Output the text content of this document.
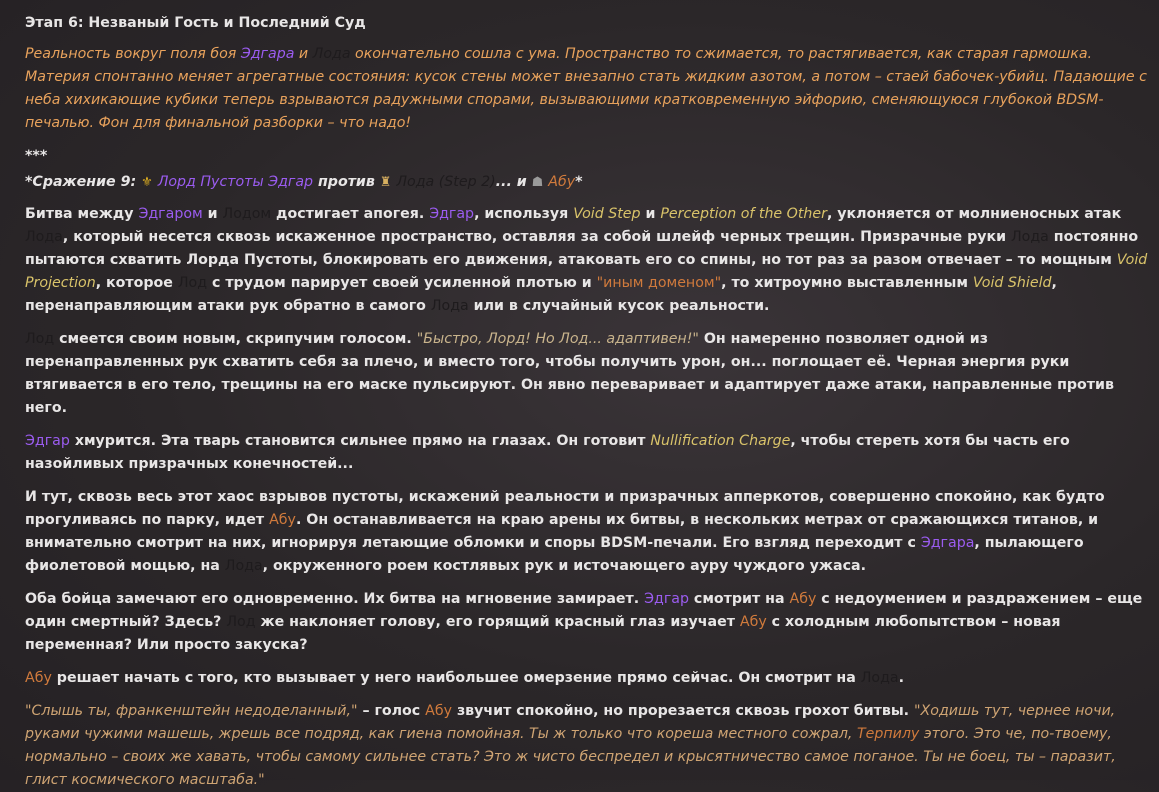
Этап 6: Незваный Гость и Последний Суд

Реальность вокруг поля боя Эдгара и Лода окончательно сошла с ума. Пространство то сжимается, то растягивается, как старая гармошка. Материя спонтанно меняет агрегатные состояния: кусок стены может внезапно стать жидким азотом, а потом – стаей бабочек-убийц. Падающие с неба хихикающие кубики теперь взрываются радужными спорами, вызывающими кратковременную эйфорию, сменяющуюся глубокой BDSM- печалью. Фон для финальной разборки – что надо!

***

*Сражение 9: ⚜ Лорд Пустоты Эдгар против ♜ Лода (Step 2)... и ☗ Абу*

Битва между Эдгаром и Лодом достигает апогея. Эдгар, используя Void Step и Perception of the Other, уклоняется от молниеносных атак Лода, который несется сквозь искаженное пространство, оставляя за собой шлейф черных трещин. Призрачные руки Лода постоянно пытаются схватить Лорда Пустоты, блокировать его движения, атаковать его со спины, но тот раз за разом отвечает – то мощным Void Projection, которое Лод с трудом парирует своей усиленной плотью и "иным доменом", то хитроумно выставленным Void Shield, перенаправляющим атаки рук обратно в самого Лода или в случайный кусок реальности.

Лод смеется своим новым, скрипучим голосом. "Быстро, Лорд! Но Лод... адаптивен!" Он намеренно позволяет одной из перенаправленных рук схватить себя за плечо, и вместо того, чтобы получить урон, он... поглощает её. Черная энергия руки втягивается в его тело, трещины на его маске пульсируют. Он явно переваривает и адаптирует даже атаки, направленные против него.

Эдгар хмурится. Эта тварь становится сильнее прямо на глазах. Он готовит Nullification Charge, чтобы стереть хотя бы часть его назойливых призрачных конечностей...

И тут, сквозь весь этот хаос взрывов пустоты, искажений реальности и призрачных апперкотов, совершенно спокойно, как будто прогуливаясь по парку, идет Абу. Он останавливается на краю арены их битвы, в нескольких метрах от сражающихся титанов, и внимательно смотрит на них, игнорируя летающие обломки и споры BDSM-печали. Его взгляд переходит с Эдгара, пылающего фиолетовой мощью, на Лода, окруженного роем костлявых рук и источающего ауру чуждого ужаса.

Оба бойца замечают его одновременно. Их битва на мгновение замирает. Эдгар смотрит на Абу с недоумением и раздражением – еще один смертный? Здесь? Лод же наклоняет голову, его горящий красный глаз изучает Абу с холодным любопытством – новая переменная? Или просто закуска?

Абу решает начать с того, кто вызывает у него наибольшее омерзение прямо сейчас. Он смотрит на Лода.

"Слышь ты, франкенштейн недоделанный," – голос Абу звучит спокойно, но прорезается сквозь грохот битвы. "Ходишь тут, чернее ночи, руками чужими машешь, жрешь все подряд, как гиена помойная. Ты ж только что кореша местного сожрал, Терпилу этого. Это че, по-твоему, нормально – своих же хавать, чтобы самому сильнее стать? Это ж чисто беспредел и крысятничество самое поганое. Ты не боец, ты – паразит, глист космического масштаба."
